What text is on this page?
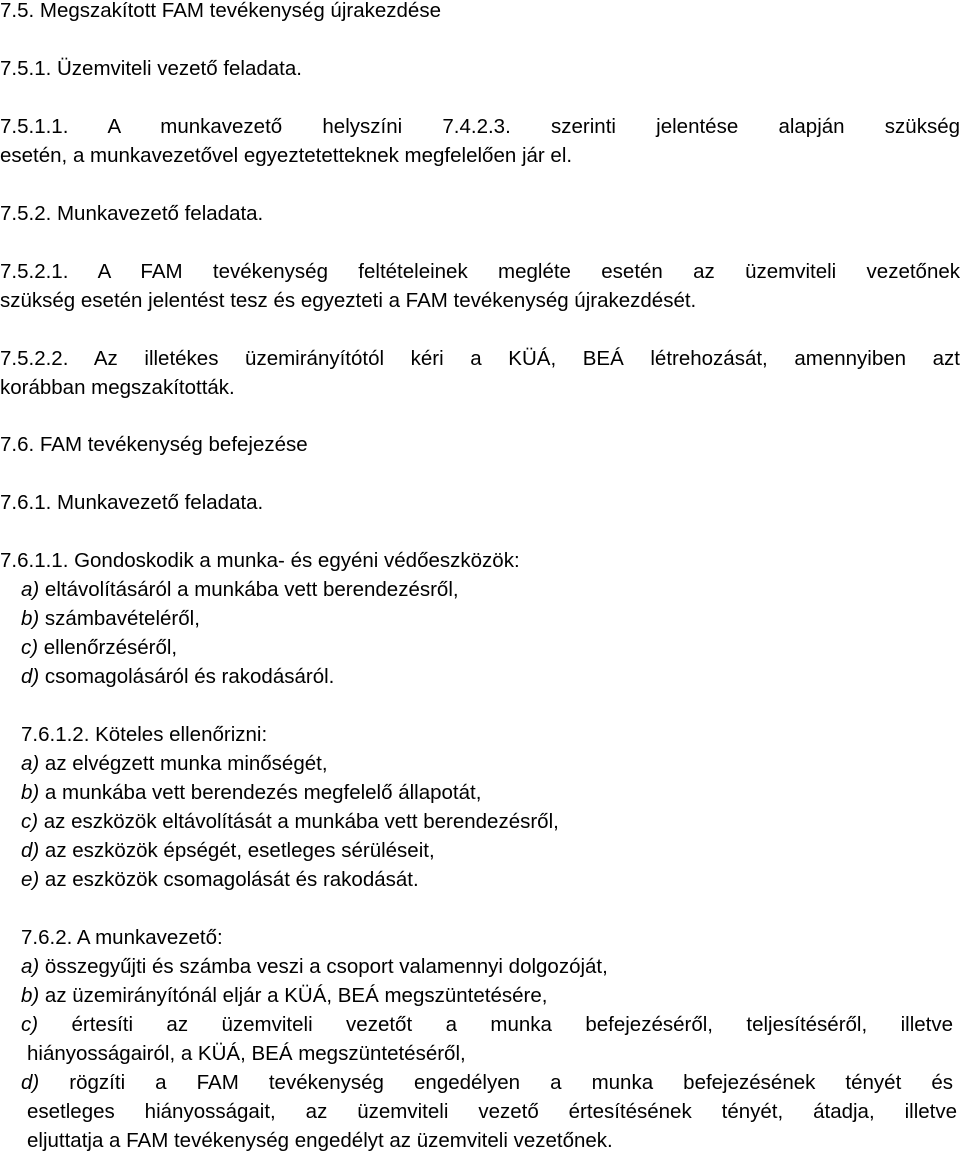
7.5. Megszakított FAM tevékenység újrakezdése
7.5.1. Üzemviteli vezető feladata.
7.5.1.1. A munkavezető helyszíni 7.4.2.3. szerinti jelentése alapján szükség
esetén, a munkavezetővel egyeztetetteknek megfelelően jár el.
7.5.2. Munkavezető feladata.
7.5.2.1. A FAM tevékenység feltételeinek megléte esetén az üzemviteli vezetőnek
szükség esetén jelentést tesz és egyezteti a FAM tevékenység újrakezdését.
7.5.2.2. Az illetékes üzemirányítótól kéri a KÜÁ, BEÁ létrehozását, amennyiben azt
korábban megszakították.
7.6. FAM tevékenység befejezése
7.6.1. Munkavezető feladata.
7.6.1.1. Gondoskodik a munka- és egyéni védőeszközök:
a) eltávolításáról a munkába vett berendezésről,
b) számbavételéről,
c) ellenőrzéséről,
d) csomagolásáról és rakodásáról.
7.6.1.2. Köteles ellenőrizni:
a) az elvégzett munka minőségét,
b) a munkába vett berendezés megfelelő állapotát,
c) az eszközök eltávolítását a munkába vett berendezésről,
d) az eszközök épségét, esetleges sérüléseit,
e) az eszközök csomagolását és rakodását.
7.6.2. A munkavezető:
a) összegyűjti és számba veszi a csoport valamennyi dolgozóját,
b) az üzemirányítónál eljár a KÜÁ, BEÁ megszüntetésére,
c) értesíti az üzemviteli vezetőt a munka befejezéséről, teljesítéséről, illetve
hiányosságairól, a KÜÁ, BEÁ megszüntetéséről,
d) rögzíti a FAM tevékenység engedélyen a munka befejezésének tényét és
esetleges hiányosságait, az üzemviteli vezető értesítésének tényét, átadja, illetve
eljuttatja a FAM tevékenység engedélyt az üzemviteli vezetőnek.
